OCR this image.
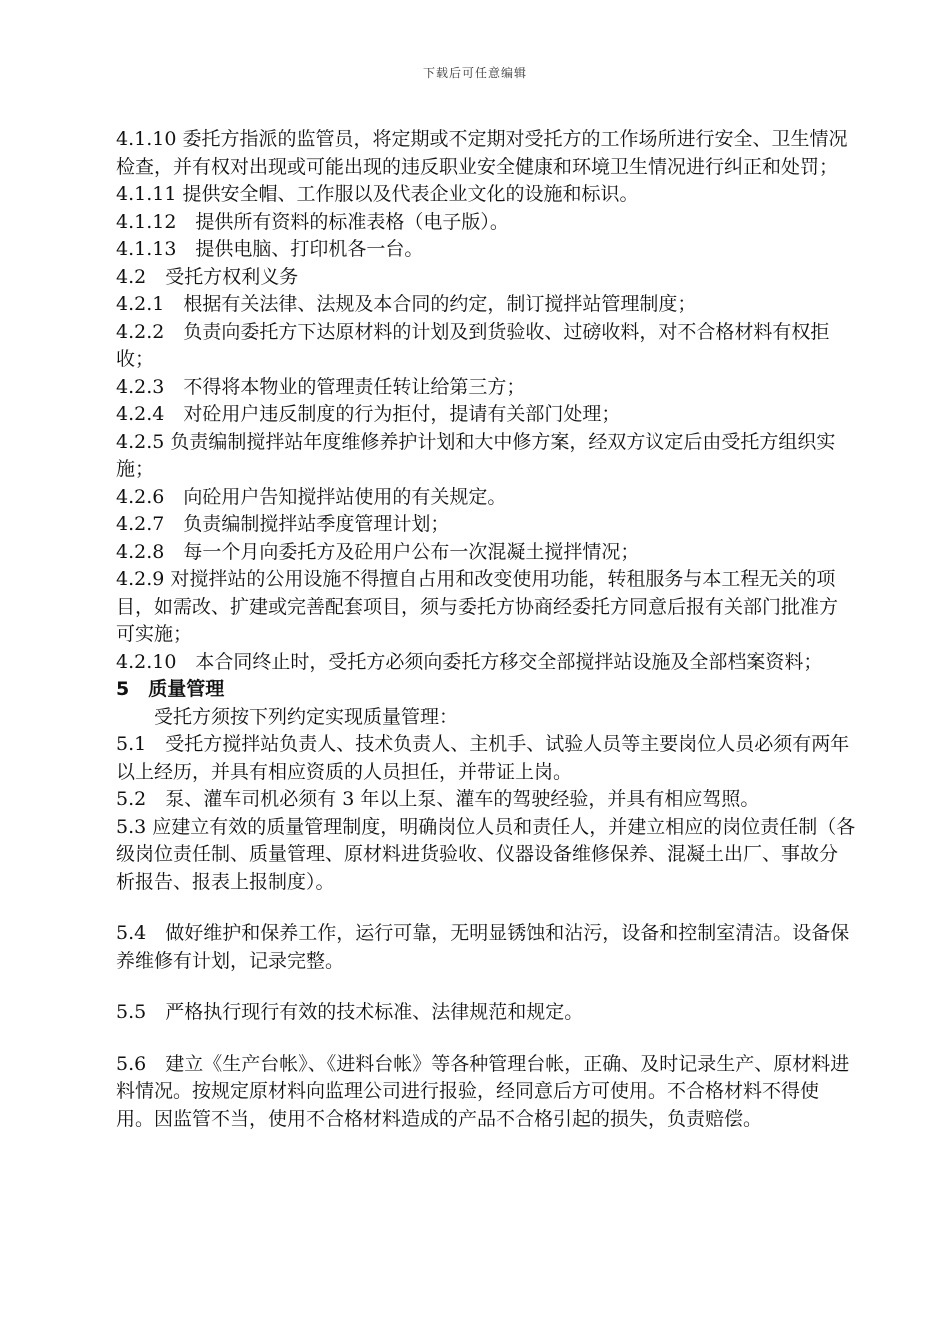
下载后可任意编辑

4.1.10 委托方指派的监管员，将定期或不定期对受托方的工作场所进行安全、卫生情况检查，并有权对出现或可能出现的违反职业安全健康和环境卫生情况进行纠正和处罚；

4.1.11 提供安全帽、工作服以及代表企业文化的设施和标识。

4.1.12　提供所有资料的标准表格（电子版）。

4.1.13　提供电脑、打印机各一台。

4.2　受托方权利义务

4.2.1　根据有关法律、法规及本合同的约定，制订搅拌站管理制度；

4.2.2　负责向委托方下达原材料的计划及到货验收、过磅收料，对不合格材料有权拒收；

4.2.3　不得将本物业的管理责任转让给第三方；

4.2.4　对砼用户违反制度的行为拒付，提请有关部门处理；

4.2.5 负责编制搅拌站年度维修养护计划和大中修方案，经双方议定后由受托方组织实施；

4.2.6　向砼用户告知搅拌站使用的有关规定。

4.2.7　负责编制搅拌站季度管理计划；

4.2.8　每一个月向委托方及砼用户公布一次混凝土搅拌情况；

4.2.9 对搅拌站的公用设施不得擅自占用和改变使用功能，转租服务与本工程无关的项目，如需改、扩建或完善配套项目，须与委托方协商经委托方同意后报有关部门批准方可实施；

4.2.10　本合同终止时，受托方必须向委托方移交全部搅拌站设施及全部档案资料；

5　质量管理

受托方须按下列约定实现质量管理：

5.1　受托方搅拌站负责人、技术负责人、主机手、试验人员等主要岗位人员必须有两年以上经历，并具有相应资质的人员担任，并带证上岗。

5.2　泵、灌车司机必须有 3 年以上泵、灌车的驾驶经验，并具有相应驾照。

5.3 应建立有效的质量管理制度，明确岗位人员和责任人，并建立相应的岗位责任制（各级岗位责任制、质量管理、原材料进货验收、仪器设备维修保养、混凝土出厂、事故分析报告、报表上报制度）。

5.4　做好维护和保养工作，运行可靠，无明显锈蚀和沾污，设备和控制室清洁。设备保养维修有计划，记录完整。

5.5　严格执行现行有效的技术标准、法律规范和规定。

5.6　建立《生产台帐》、《进料台帐》等各种管理台帐，正确、及时记录生产、原材料进料情况。按规定原材料向监理公司进行报验，经同意后方可使用。不合格材料不得使用。因监管不当，使用不合格材料造成的产品不合格引起的损失，负责赔偿。
